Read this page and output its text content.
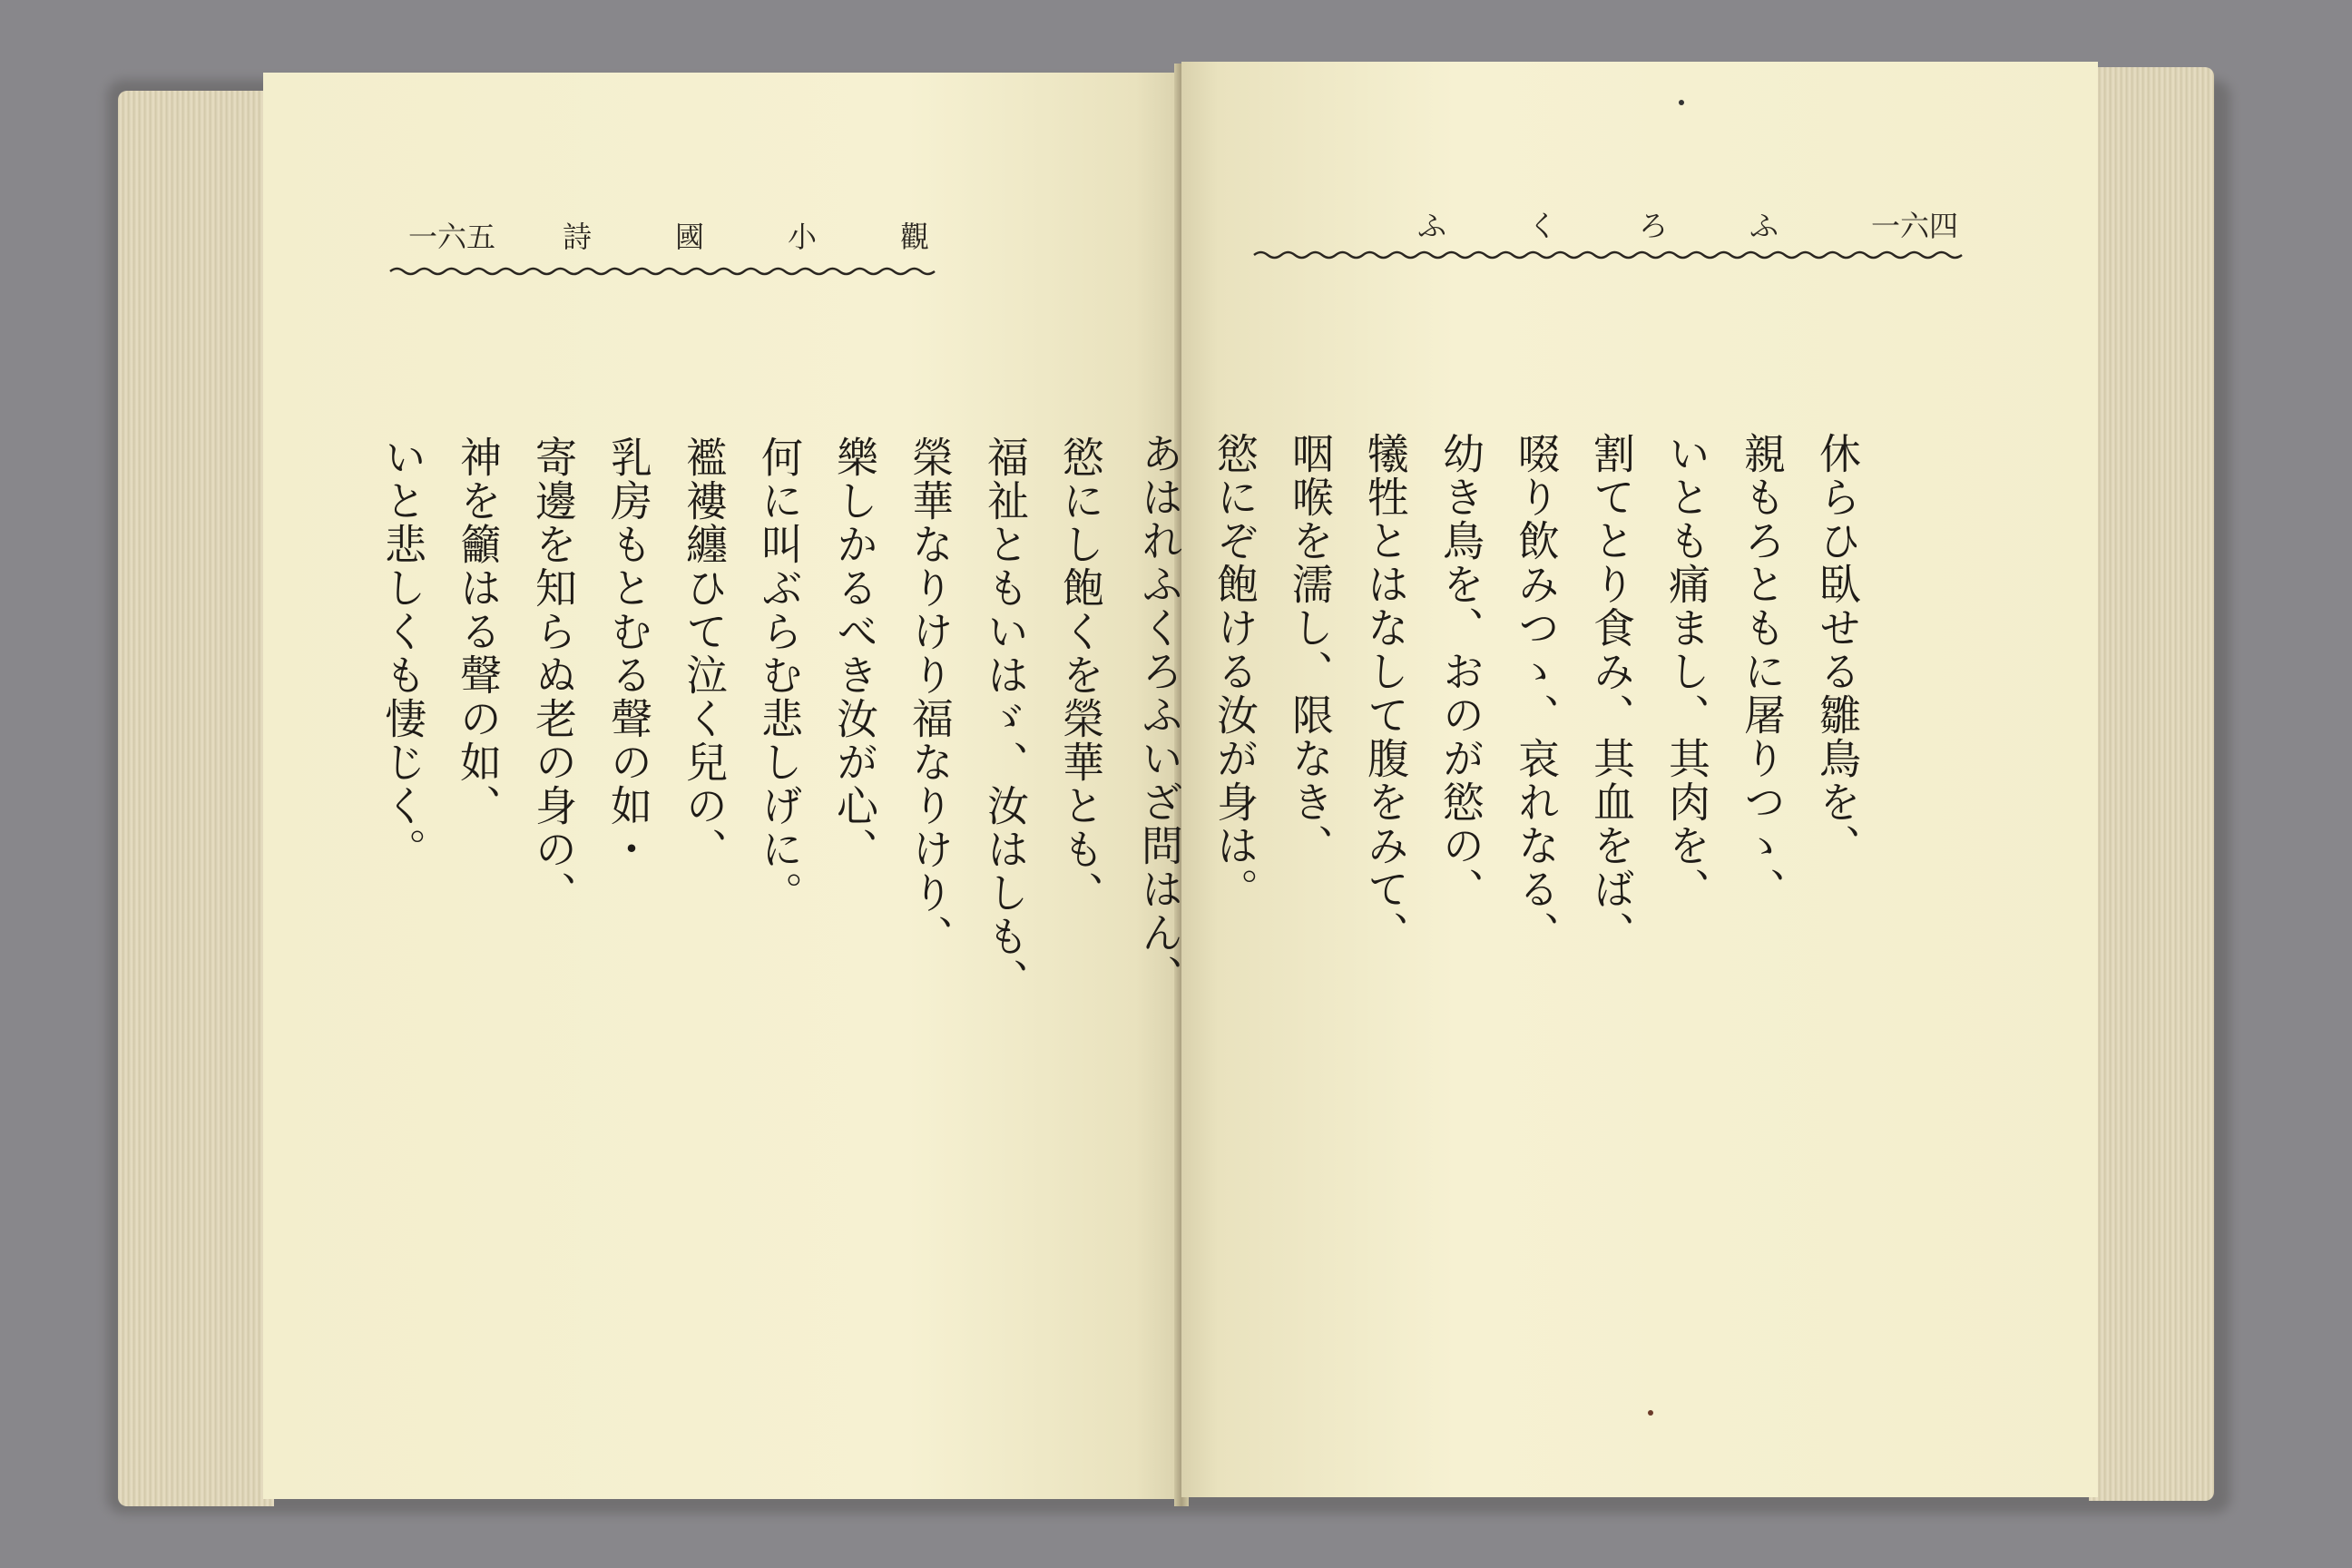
一六五 詩國小觀
慾にし飽くを榮華とも、
福祉ともいはゞ、汝はしも、
榮華なりけり福なりけり、
樂しかるべき汝が心、
何に叫ぶらむ悲しげに。
襤褸纏ひて泣く兒の、
乳房もとむる聲の如・
寄邊を知らぬ老の身の、
神を籲はる聲の如、
いと悲しくも悽じく。
ふくろふ 一六四
休らひ臥せる雛鳥を、
親もろともに屠りつゝ、
いとも痛まし、其肉を、
割てとり食み、其血をば、
啜り飲みつゝ、哀れなる、
幼き鳥を、おのが慾の、
犧牲とはなして腹をみて、
咽喉を濡し、限なき、
慾にぞ飽ける汝が身は。
あはれふくろふいざ問はん、
